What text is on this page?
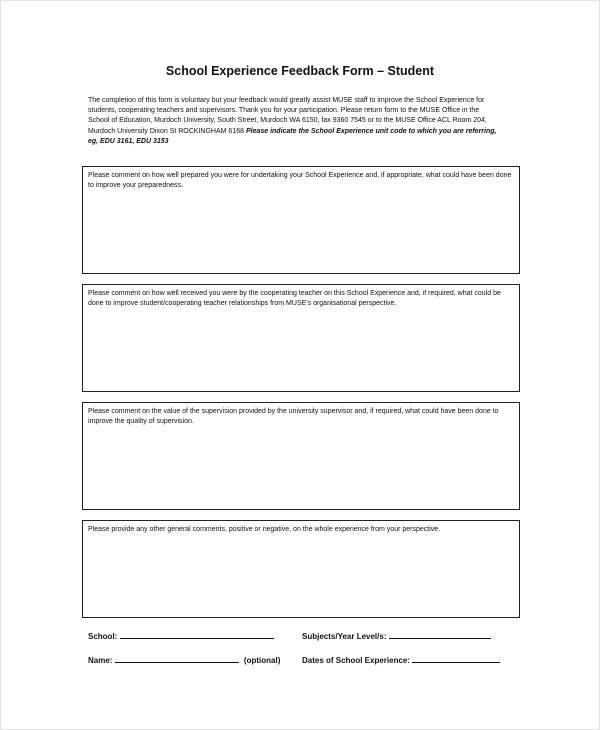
School Experience Feedback Form – Student
The completion of this form is voluntary but your feedback would greatly assist MUSE staff to improve the School Experience for
students, cooperating teachers and supervisors. Thank you for your participation. Please return form to the MUSE Office in the
School of Education, Murdoch University, South Street, Murdoch WA 6150, fax 9360 7545 or to the MUSE Office ACL Room 204,
Murdoch University Dixon St ROCKINGHAM 6168 Please indicate the School Experience unit code to which you are referring,
eg, EDU 3161, EDU 3153
Please comment on how well prepared you were for undertaking your School Experience and, if appropriate, what could have been done to improve your preparedness.
Please comment on how well received you were by the cooperating teacher on this School Experience and, if required, what could be done to improve student/cooperating teacher relationships from MUSE's organisational perspective.
Please comment on the value of the supervision provided by the university supervisor and, if required, what could have been done to improve the quality of supervision.
Please provide any other general comments, positive or negative, on the whole experience from your perspective.
School:	Subjects/Year Level/s:
Name:	(optional)	Dates of School Experience:
